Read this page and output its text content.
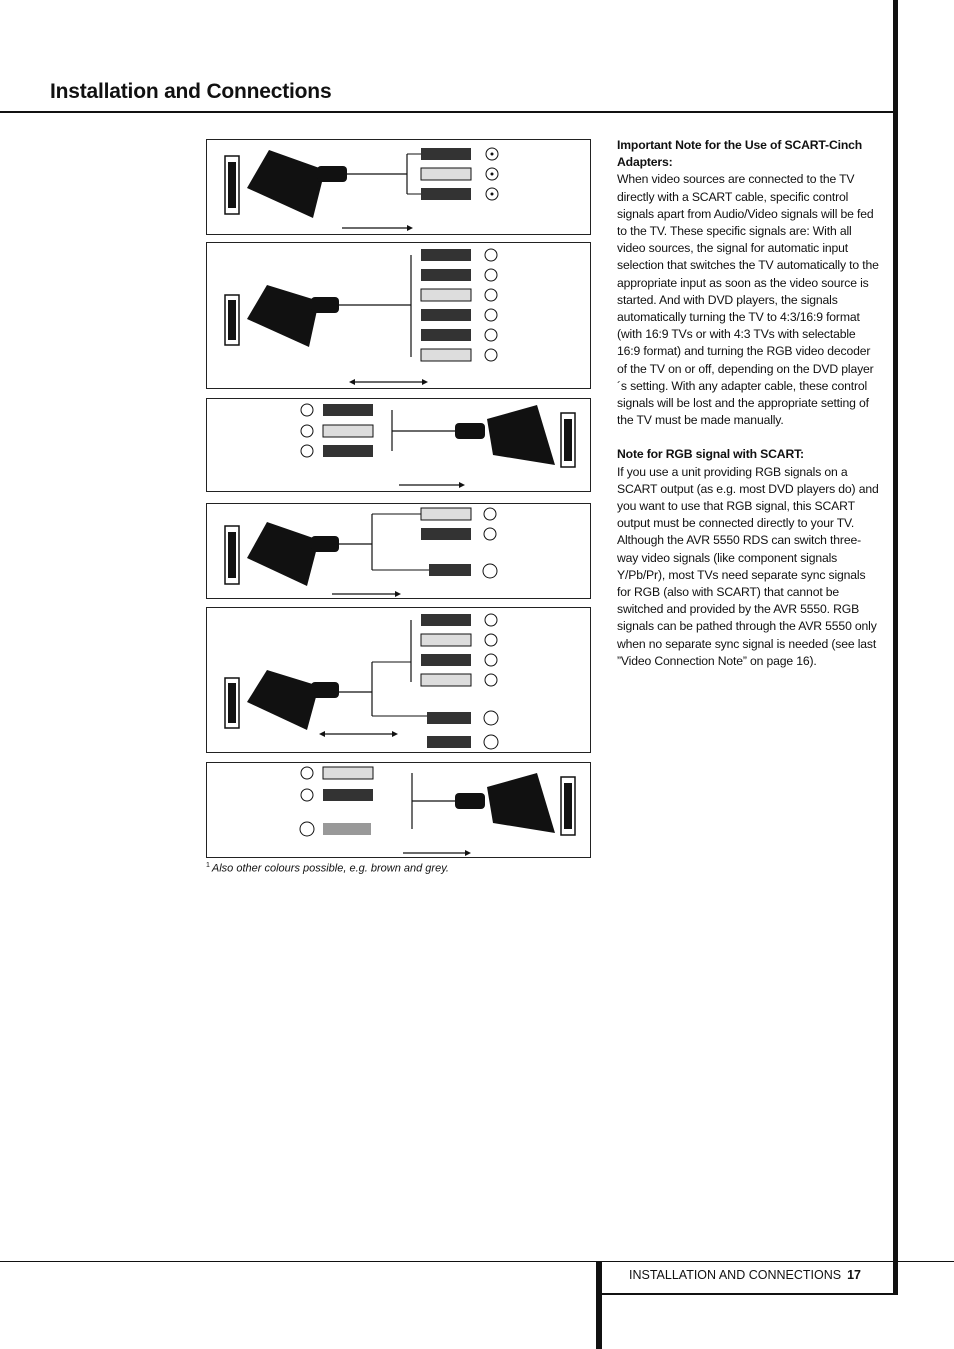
Installation and Connections
$^1$ Also other colours possible, e.g. brown and grey.
Important Note for the Use of SCART-Cinch Adapters:

When video sources are connected to the TV directly with a SCART cable, specific control signals apart from Audio/Video signals will be fed to the TV. These specific signals are: With all video sources, the signal for automatic input selection that switches the TV automatically to the appropriate input as soon as the video source is started. And with DVD players, the signals automatically turning the TV to 4:3/16:9 format (with 16:9 TVs or with 4:3 TVs with selectable 16:9 format) and turning the RGB video decoder of the TV on or off, depending on the DVD player´s setting. With any adapter cable, these control signals will be lost and the appropriate setting of the TV must be made manually.

Note for RGB signal with SCART:

If you use a unit providing RGB signals on a SCART output (as e.g. most DVD players do) and you want to use that RGB signal, this SCART output must be connected directly to your TV. Although the AVR 5550 RDS can switch three-way video signals (like component signals Y/Pb/Pr), most TVs need separate sync signals for RGB (also with SCART) that cannot be switched and provided by the AVR 5550. RGB signals can be pathed through the AVR 5550 only when no separate sync signal is needed (see last ”Video Connection Note” on page 16).

INSTALLATION AND CONNECTIONS 17
